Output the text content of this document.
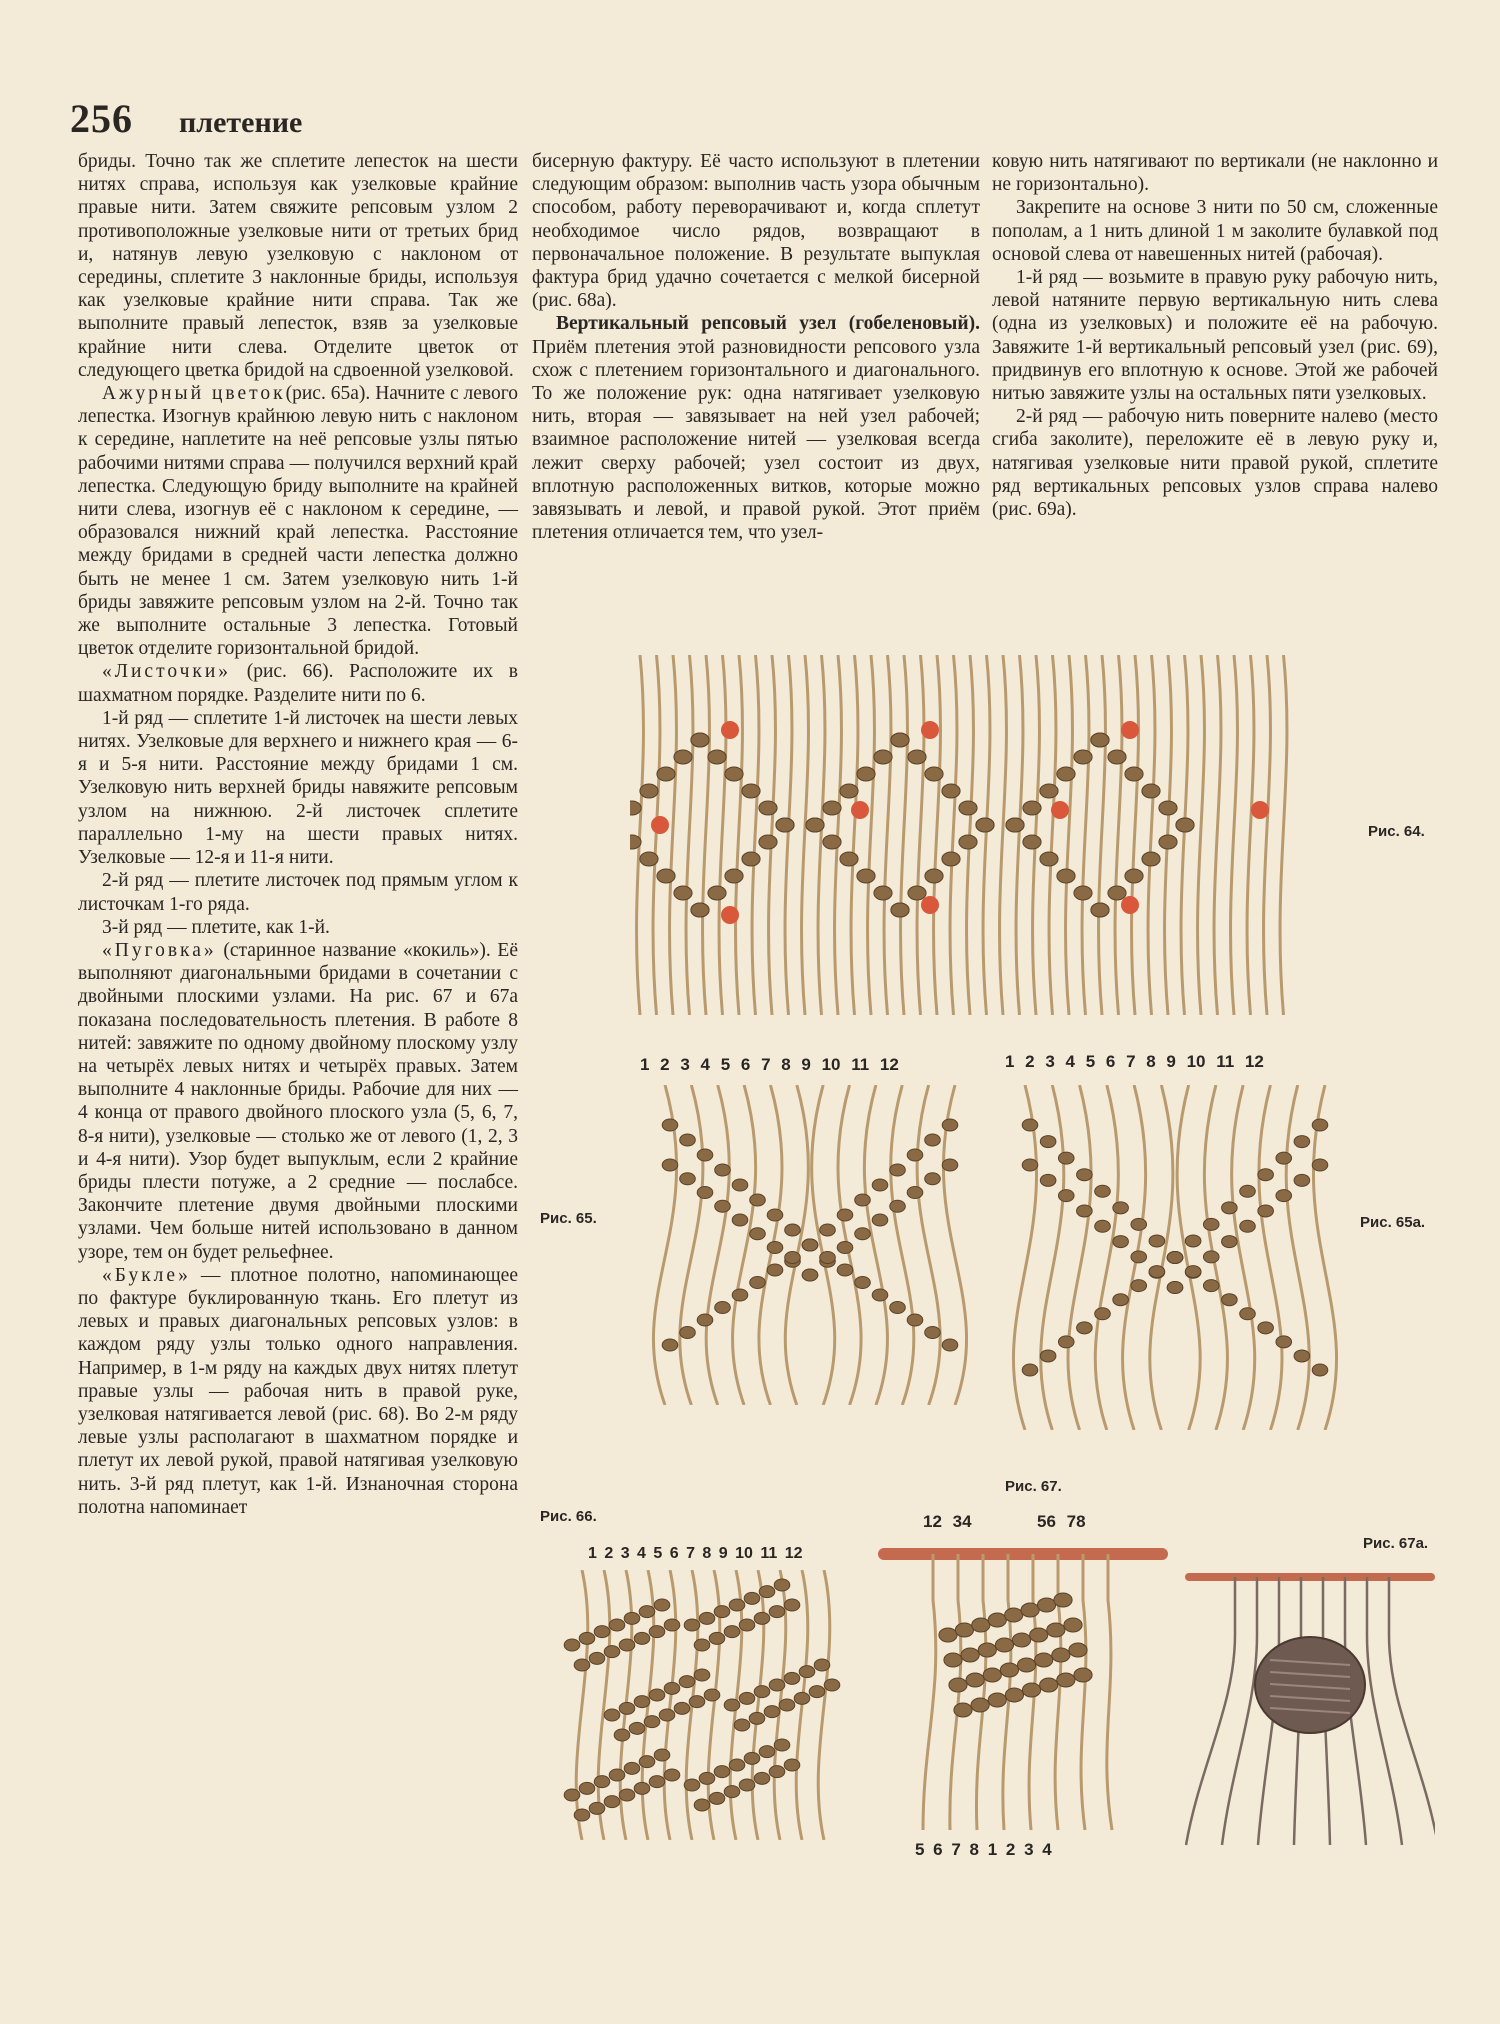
256 плетение

бриды. Точно так же сплетите лепесток на шести нитях справа, используя как узелковые крайние правые нити. Затем свяжите репсовым узлом 2 противоположные узелковые нити от третьих брид и, натянув левую узелковую с наклоном от середины, сплетите 3 наклонные бриды, используя как узелковые крайние нити справа. Так же выполните правый лепесток, взяв за узелковые крайние нити слева. Отделите цветок от следующего цветка бридой на сдвоенной узелковой.

Ажурный цветок(рис. 65а). Начните с левого лепестка. Изогнув крайнюю левую нить с наклоном к середине, наплетите на неё репсовые узлы пятью рабочими нитями справа — получился верхний край лепестка. Следующую бриду выполните на крайней нити слева, изогнув её с наклоном к середине, — образовался нижний край лепестка. Расстояние между бридами в средней части лепестка должно быть не менее 1 см. Затем узелковую нить 1-й бриды завяжите репсовым узлом на 2-й. Точно так же выполните остальные 3 лепестка. Готовый цветок отделите горизонтальной бридой.

«Листочки» (рис. 66). Расположите их в шахматном порядке. Разделите нити по 6.

1-й ряд — сплетите 1-й листочек на шести левых нитях. Узелковые для верхнего и нижнего края — 6-я и 5-я нити. Расстояние между бридами 1 см. Узелковую нить верхней бриды навяжите репсовым узлом на нижнюю. 2-й листочек сплетите параллельно 1-му на шести правых нитях. Узелковые — 12-я и 11-я нити.

2-й ряд — плетите листочек под прямым углом к листочкам 1-го ряда.

3-й ряд — плетите, как 1-й.

«Пуговка» (старинное название «кокиль»). Её выполняют диагональными бридами в сочетании с двойными плоскими узлами. На рис. 67 и 67а показана последовательность плетения. В работе 8 нитей: завяжите по одному двойному плоскому узлу на четырёх левых нитях и четырёх правых. Затем выполните 4 наклонные бриды. Рабочие для них — 4 конца от правого двойного плоского узла (5, 6, 7, 8-я нити), узелковые — столько же от левого (1, 2, 3 и 4-я нити). Узор будет выпуклым, если 2 крайние бриды плести потуже, а 2 средние — послабсе. Закончите плетение двумя двойными плоскими узлами. Чем больше нитей использовано в данном узоре, тем он будет рельефнее.

«Букле» — плотное полотно, напоминающее по фактуре буклированную ткань. Его плетут из левых и правых диагональных репсовых узлов: в каждом ряду узлы только одного направления. Например, в 1-м ряду на каждых двух нитях плетут правые узлы — рабочая нить в правой руке, узелковая натягивается левой (рис. 68). Во 2-м ряду левые узлы располагают в шахматном порядке и плетут их левой рукой, правой натягивая узелковую нить. 3-й ряд плетут, как 1-й. Изнаночная сторона полотна напоминает

бисерную фактуру. Её часто используют в плетении следующим образом: выполнив часть узора обычным способом, работу переворачивают и, когда сплетут необходимое число рядов, возвращают в первоначальное положение. В результате выпуклая фактура брид удачно сочетается с мелкой бисерной (рис. 68а).

Вертикальный репсовый узел (гобеленовый). Приём плетения этой разновидности репсового узла схож с плетением горизонтального и диагонального. То же положение рук: одна натягивает узелковую нить, вторая — завязывает на ней узел рабочей; взаимное расположение нитей — узелковая всегда лежит сверху рабочей; узел состоит из двух, вплотную расположенных витков, которые можно завязывать и левой, и правой рукой. Этот приём плетения отличается тем, что узел-

ковую нить натягивают по вертикали (не наклонно и не горизонтально).

Закрепите на основе 3 нити по 50 см, сложенные пополам, а 1 нить длиной 1 м заколите булавкой под основой слева от навешенных нитей (рабочая).

1-й ряд — возьмите в правую руку рабочую нить, левой натяните первую вертикальную нить слева (одна из узелковых) и положите её на рабочую. Завяжите 1-й вертикальный репсовый узел (рис. 69), придвинув его вплотную к основе. Этой же рабочей нитью завяжите узлы на остальных пяти узелковых.

2-й ряд — рабочую нить поверните налево (место сгиба заколите), переложите её в левую руку и, натягивая узелковые нити правой рукой, сплетите ряд вертикальных репсовых узлов справа налево (рис. 69а).

Рис. 64.
1 2 3 4 5 6 7 8 9 10 11 12
Рис. 65.
1 2 3 4 5 6 7 8 9 10 11 12
Рис. 65а.
Рис. 67.
Рис. 66.
1 2 3 4 5 6 7 8 9 10 11 12
12 34	56 78
5 6 7 8 1 2 3 4
Рис. 67а.
